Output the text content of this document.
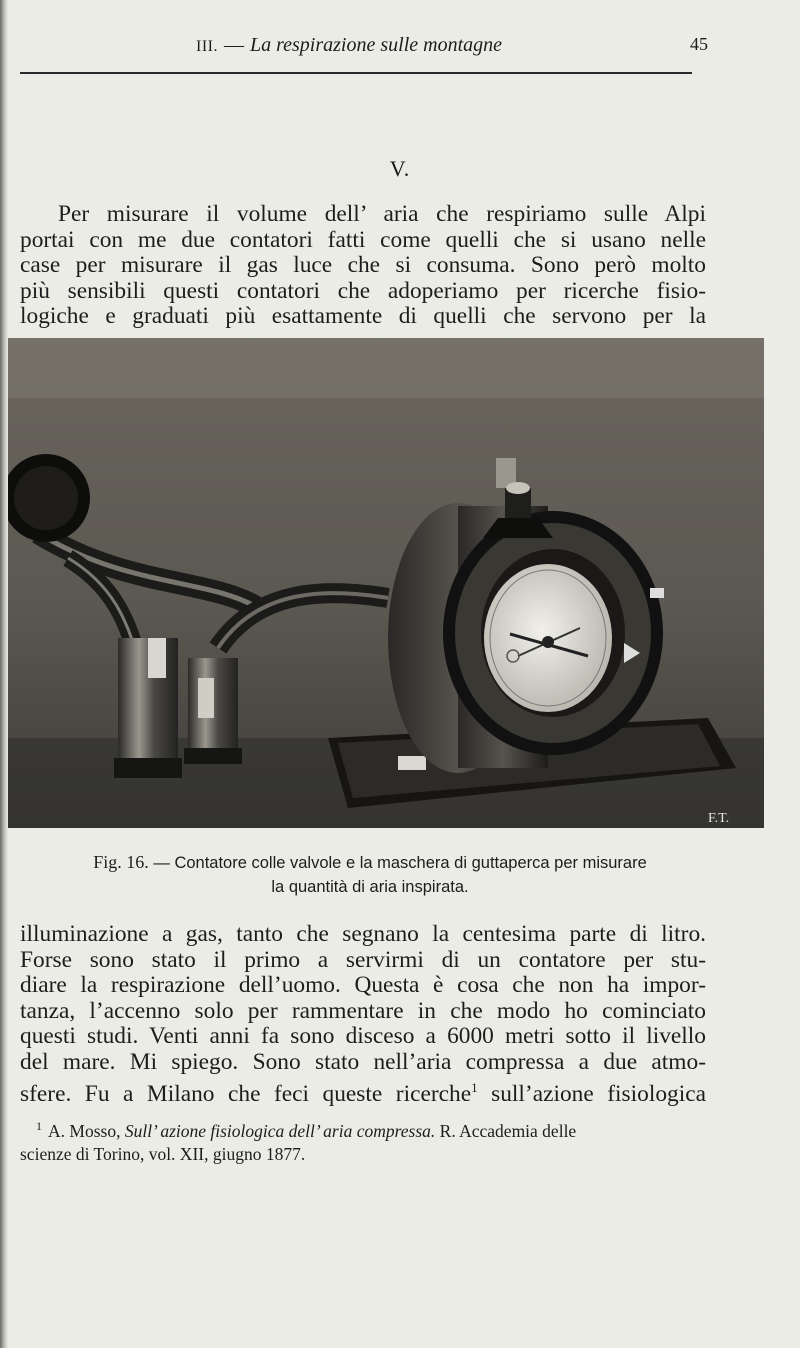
III. — La respirazione sulle montagne	45
V.
Per misurare il volume dell’ aria che respiriamo sulle Alpi
portai con me due contatori fatti come quelli che si usano nelle
case per misurare il gas luce che si consuma. Sono però molto
più sensibili questi contatori che adoperiamo per ricerche fisio-
logiche e graduati più esattamente di quelli che servono per la
F.T.
Fig. 16. — Contatore colle valvole e la maschera di guttaperca per misurare
la quantità di aria inspirata.
illuminazione a gas, tanto che segnano la centesima parte di litro.
Forse sono stato il primo a servirmi di un contatore per stu-
diare la respirazione dell’uomo. Questa è cosa che non ha impor-
tanza, l’accenno solo per rammentare in che modo ho cominciato
questi studi. Venti anni fa sono disceso a 6000 metri sotto il livello
del mare. Mi spiego. Sono stato nell’aria compressa a due atmo-
sfere. Fu a Milano che feci queste ricerche$^1$ sull’azione fisiologica
$^1$ A. Mosso, Sull’ azione fisiologica dell’ aria compressa. R. Accademia delle
scienze di Torino, vol. XII, giugno 1877.
